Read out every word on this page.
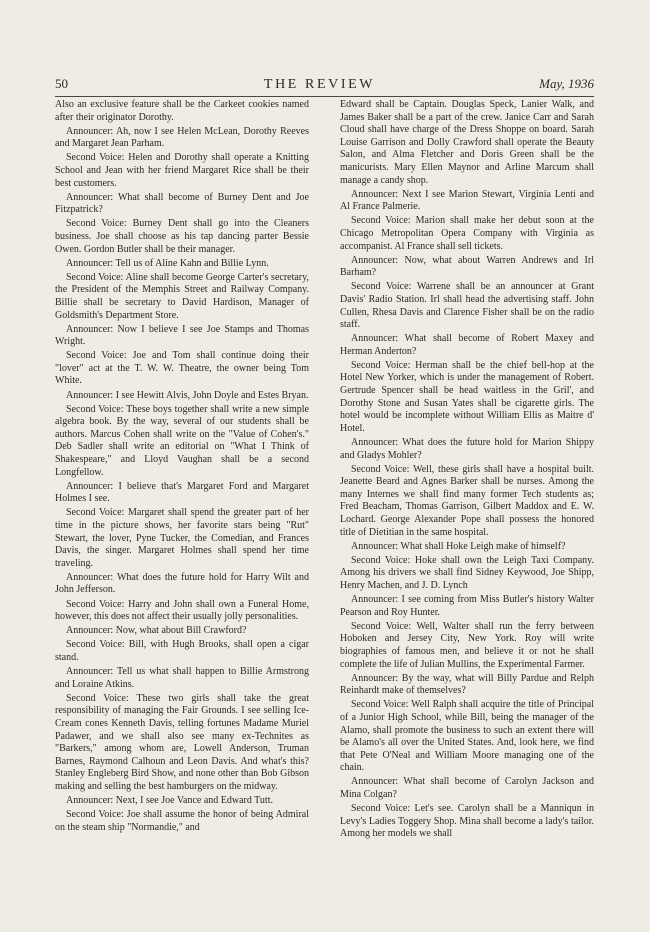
50	THE REVIEW	May, 1936

Also an exclusive feature shall be the Carkeet cookies named after their originator Dorothy.

Announcer: Ah, now I see Helen McLean, Dorothy Reeves and Margaret Jean Parham.

Second Voice: Helen and Dorothy shall operate a Knitting School and Jean with her friend Margaret Rice shall be their best customers.

Announcer: What shall become of Burney Dent and Joe Fitzpatrick?

Second Voice: Burney Dent shall go into the Cleaners business. Joe shall choose as his tap dancing parter Bessie Owen. Gordon Butler shall be their manager.

Announcer: Tell us of Aline Kahn and Billie Lynn.

Second Voice: Aline shall become George Carter's secretary, the President of the Memphis Street and Railway Company. Billie shall be secretary to David Hardison, Manager of Goldsmith's Department Store.

Announcer: Now I believe I see Joe Stamps and Thomas Wright.

Second Voice: Joe and Tom shall continue doing their "lover" act at the T. W. W. Theatre, the owner being Tom White.

Announcer: I see Hewitt Alvis, John Doyle and Estes Bryan.

Second Voice: These boys together shall write a new simple algebra book. By the way, several of our students shall be authors. Marcus Cohen shall write on the "Value of Cohen's." Deb Sadler shall write an editorial on "What I Think of Shakespeare," and Lloyd Vaughan shall be a second Longfellow.

Announcer: I believe that's Margaret Ford and Margaret Holmes I see.

Second Voice: Margaret shall spend the greater part of her time in the picture shows, her favorite stars being "Rut" Stewart, the lover, Pyne Tucker, the Comedian, and Frances Davis, the singer. Margaret Holmes shall spend her time traveling.

Announcer: What does the future hold for Harry Wilt and John Jefferson.

Second Voice: Harry and John shall own a Funeral Home, however, this does not affect their usually jolly personalities.

Announcer: Now, what about Bill Crawford?

Second Voice: Bill, with Hugh Brooks, shall open a cigar stand.

Announcer: Tell us what shall happen to Billie Armstrong and Loraine Atkins.

Second Voice: These two girls shall take the great responsibility of managing the Fair Grounds. I see selling Ice-Cream cones Kenneth Davis, telling fortunes Madame Muriel Padawer, and we shall also see many ex-Technites as "Barkers," among whom are, Lowell Anderson, Truman Barnes, Raymond Calhoun and Leon Davis. And what's this? Stanley Engleberg Bird Show, and none other than Bob Gibson making and selling the best hamburgers on the midway.

Announcer: Next, I see Joe Vance and Edward Tutt.

Second Voice: Joe shall assume the honor of being Admiral on the steam ship "Normandie," and

Edward shall be Captain. Douglas Speck, Lanier Walk, and James Baker shall be a part of the crew. Janice Carr and Sarah Cloud shall have charge of the Dress Shoppe on board. Sarah Louise Garrison and Dolly Crawford shall operate the Beauty Salon, and Alma Fletcher and Doris Green shall be the manicurists. Mary Ellen Maynor and Arline Marcum shall manage a candy shop.

Announcer: Next I see Marion Stewart, Virginia Lenti and Al France Palmerie.

Second Voice: Marion shall make her debut soon at the Chicago Metropolitan Opera Company with Virginia as accompanist. Al France shall sell tickets.

Announcer: Now, what about Warren Andrews and Irl Barham?

Second Voice: Warrene shall be an announcer at Grant Davis' Radio Station. Irl shall head the advertising staff. John Cullen, Rhesa Davis and Clarence Fisher shall be on the radio staff.

Announcer: What shall become of Robert Maxey and Herman Anderton?

Second Voice: Herman shall be the chief bell-hop at the Hotel New Yorker, which is under the management of Robert. Gertrude Spencer shall be head waitless in the Gril', and Dorothy Stone and Susan Yates shall be cigarette girls. The hotel would be incomplete without William Ellis as Maitre d' Hotel.

Announcer: What does the future hold for Marion Shippy and Gladys Mohler?

Second Voice: Well, these girls shall have a hospital built. Jeanette Beard and Agnes Barker shall be nurses. Among the many Internes we shall find many former Tech students as; Fred Beacham, Thomas Garrison, Gilbert Maddox and E. W. Lochard. George Alexander Pope shall possess the honored title of Dietitian in the same hospital.

Announcer: What shall Hoke Leigh make of himself?

Second Voice: Hoke shall own the Leigh Taxi Company. Among his drivers we shall find Sidney Keywood, Joe Shipp, Henry Machen, and J. D. Lynch

Announcer: I see coming from Miss Butler's history Walter Pearson and Roy Hunter.

Second Voice: Well, Walter shall run the ferry between Hoboken and Jersey City, New York. Roy will write biographies of famous men, and believe it or not he shall complete the life of Julian Mullins, the Experimental Farmer.

Announcer: By the way, what will Billy Pardue and Relph Reinhardt make of themselves?

Second Voice: Well Ralph shall acquire the title of Principal of a Junior High School, while Bill, being the manager of the Alamo, shall promote the business to such an extent there will be Alamo's all over the United States. And, look here, we find that Pete O'Neal and William Moore managing one of the chain.

Announcer: What shall become of Carolyn Jackson and Mina Colgan?

Second Voice: Let's see. Carolyn shall be a Manniqun in Levy's Ladies Toggery Shop. Mina shall become a lady's tailor. Among her models we shall
